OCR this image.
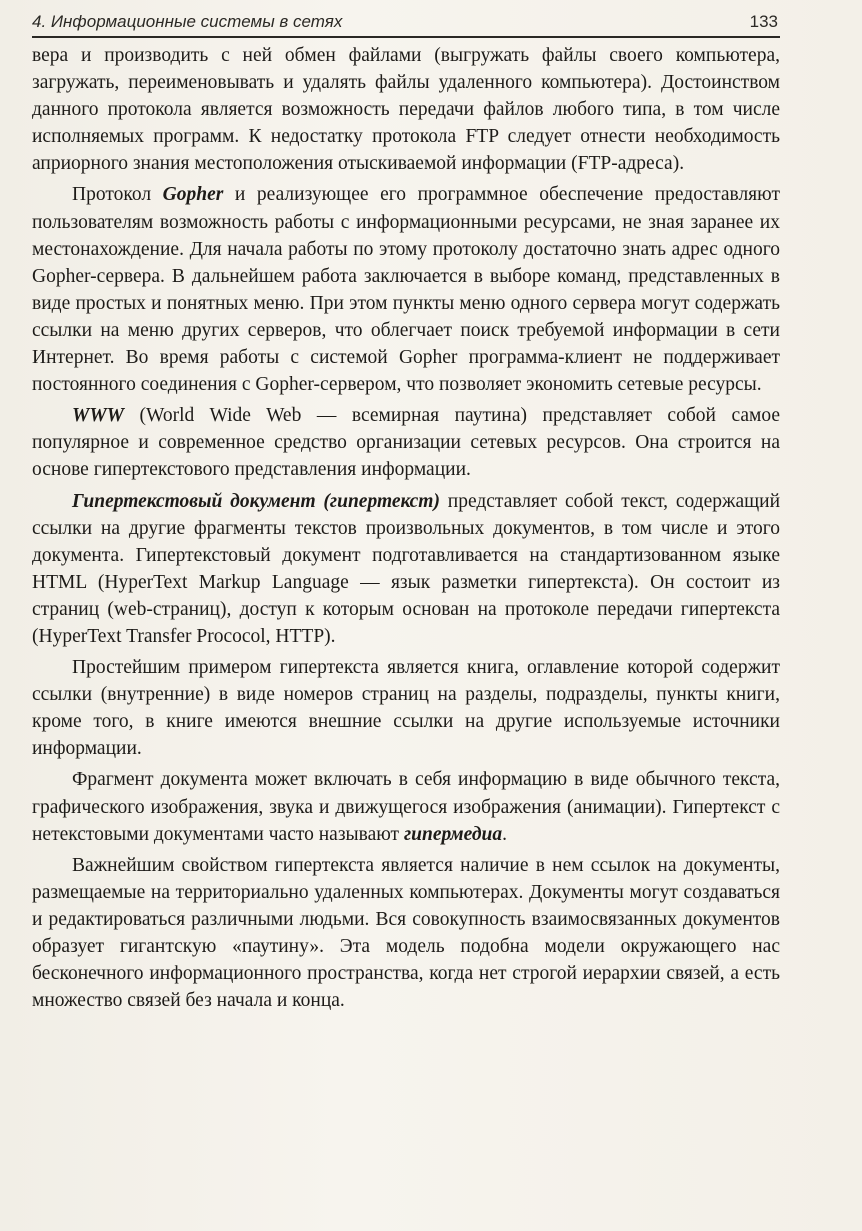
4. Информационные системы в сетях	133

вера и производить с ней обмен файлами (выгружать файлы своего компьютера, загружать, переименовывать и удалять файлы удаленного компьютера). Достоинством данного протокола является возможность передачи файлов любого типа, в том числе исполняемых программ. К недостатку протокола FTP следует отнести необходимость априорного знания местоположения отыскиваемой информации (FTP-адреса).

Протокол Gopher и реализующее его программное обеспечение предоставляют пользователям возможность работы с информационными ресурсами, не зная заранее их местонахождение. Для начала работы по этому протоколу достаточно знать адрес одного Gopher-сервера. В дальнейшем работа заключается в выборе команд, представленных в виде простых и понятных меню. При этом пункты меню одного сервера могут содержать ссылки на меню других серверов, что облегчает поиск требуемой информации в сети Интернет. Во время работы с системой Gopher программа-клиент не поддерживает постоянного соединения с Gopher-сервером, что позволяет экономить сетевые ресурсы.

WWW (World Wide Web — всемирная паутина) представляет собой самое популярное и современное средство организации сетевых ресурсов. Она строится на основе гипертекстового представления информации.

Гипертекстовый документ (гипертекст) представляет собой текст, содержащий ссылки на другие фрагменты текстов произвольных документов, в том числе и этого документа. Гипертекстовый документ подготавливается на стандартизованном языке HTML (HyperText Markup Language — язык разметки гипертекста). Он состоит из страниц (web-страниц), доступ к которым основан на протоколе передачи гипертекста (HyperText Transfer Prococol, HTTP).

Простейшим примером гипертекста является книга, оглавление которой содержит ссылки (внутренние) в виде номеров страниц на разделы, подразделы, пункты книги, кроме того, в книге имеются внешние ссылки на другие используемые источники информации.

Фрагмент документа может включать в себя информацию в виде обычного текста, графического изображения, звука и движущегося изображения (анимации). Гипертекст с нетекстовыми документами часто называют гипермедиа.

Важнейшим свойством гипертекста является наличие в нем ссылок на документы, размещаемые на территориально удаленных компьютерах. Документы могут создаваться и редактироваться различными людьми. Вся совокупность взаимосвязанных документов образует гигантскую «паутину». Эта модель подобна модели окружающего нас бесконечного информационного пространства, когда нет строгой иерархии связей, а есть множество связей без начала и конца.
